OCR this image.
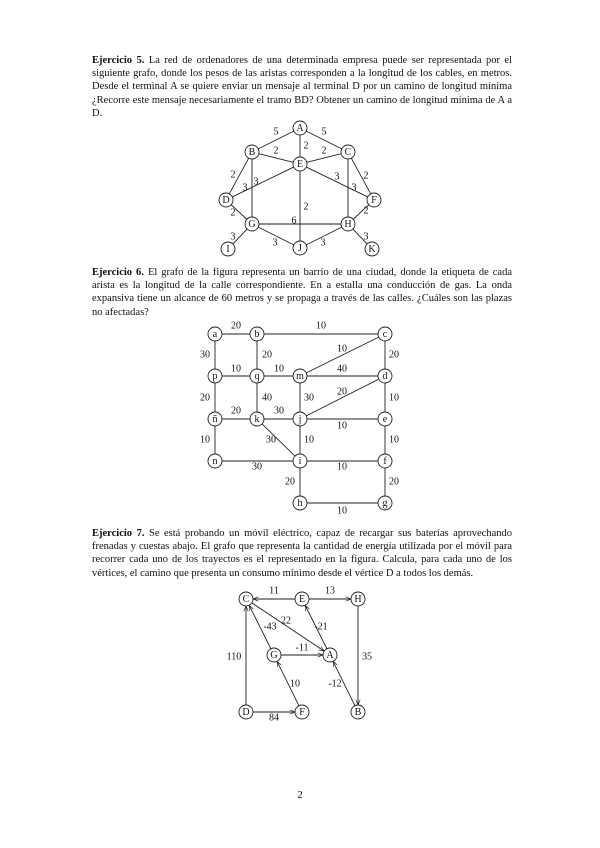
Ejercicio 5. La red de ordenadores de una determinada empresa puede ser representada por el siguiente grafo, donde los pesos de las aristas corresponden a la longitud de los cables, en metros. Desde el terminal A se quiere enviar un mensaje al terminal D por un camino de longitud mínima ¿Recorre este mensaje necesariamente el tramo BD? Obtener un camino de longitud mínima de A a D.

5	5
2
2	2
2
3
3
3 2
3
2
2
6
2
3
3	3
3
A
B	C
D
E
F
G	H
I	J	K

Ejercicio 6. El grafo de la figura representa un barrio de una ciudad, donde la etiqueta de cada arista es la longitud de la calle correspondiente. En a estalla una conducción de gas. La onda expansiva tiene un alcance de 60 metros y se propaga a través de las calles. ¿Cuáles son las plazas no afectadas?

20	10
30	20	20
10
10	10	40
20	40	30
20
10
20	30
10
10	30	10	10
30	10
20	20
10
a	b	c
p	q	m	d
ñ	k	j	e
n	i	f
h	g

Ejercicio 7. Se está probando un móvil eléctrico, capaz de recargar sus baterías aprovechando frenadas y cuestas abajo. El grafo que representa la cantidad de energía utilizada por el móvil para recorrer cada uno de los trayectos es el representado en la figura. Calcula, para cada uno de los vértices, el camino que presenta un consumo mínimo desde el vértice D a todos los demás.

11	13
-43
22
-21
-11
110	35
10	-12
84
C	E	H
G	A
D	F	B
2
